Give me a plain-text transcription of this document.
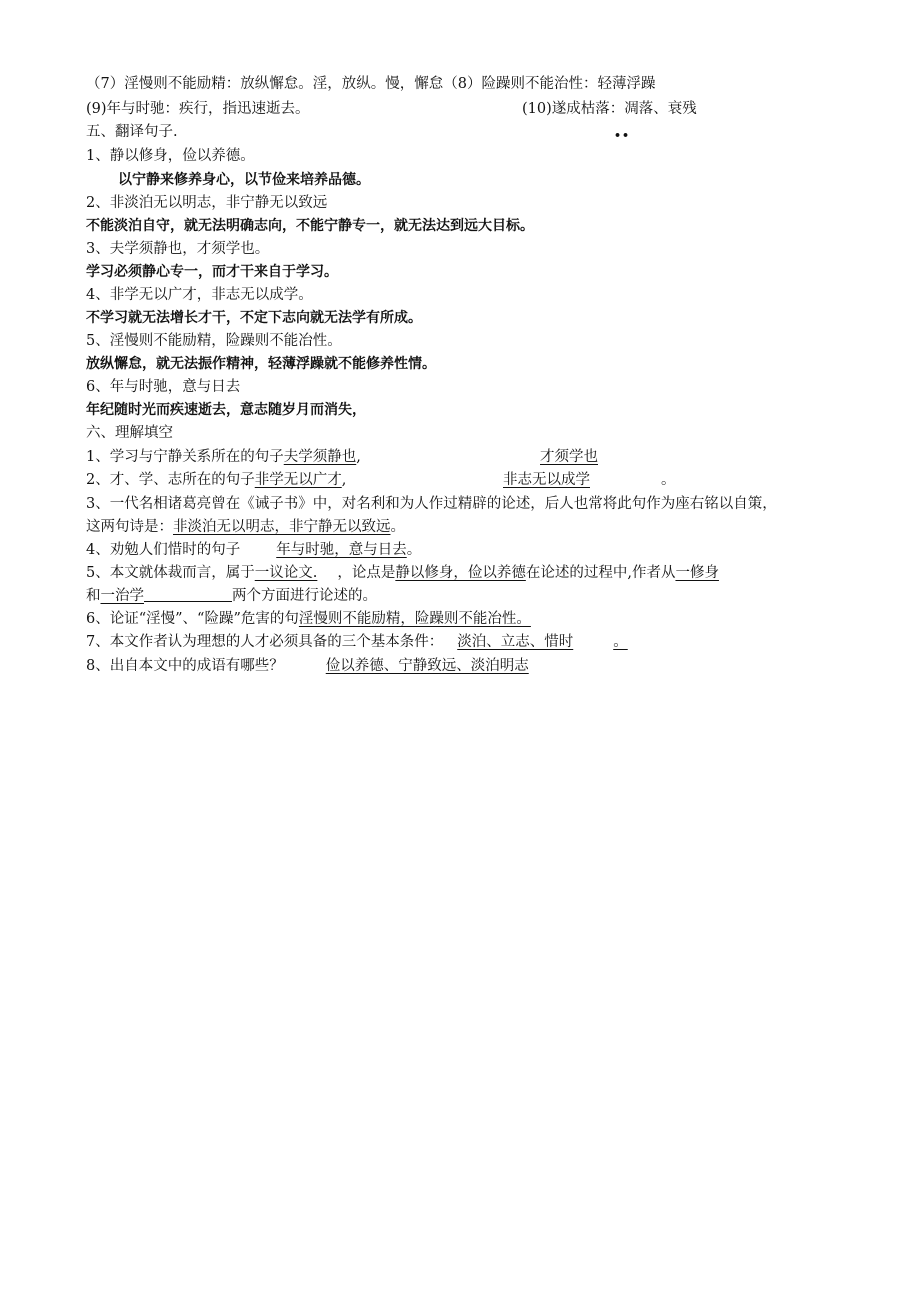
（7）淫慢则不能励精：放纵懈怠。淫，放纵。慢，懈怠（8）险躁则不能治性：轻薄浮躁
(9)年与时驰：疾行，指迅速逝去。	(10)遂成枯落：凋落、衰残
五、翻译句子.	••
1、静以修身，俭以养德。
以宁静来修养身心，以节俭来培养品德。
2、非淡泊无以明志，非宁静无以致远
不能淡泊自守，就无法明确志向，不能宁静专一，就无法达到远大目标。
3、夫学须静也，才须学也。
学习必须静心专一，而才干来自于学习。
4、非学无以广才，非志无以成学。
不学习就无法增长才干，不定下志向就无法学有所成。
5、淫慢则不能励精，险躁则不能冶性。
放纵懈怠，就无法振作精神，轻薄浮躁就不能修养性情。
6、年与时驰，意与日去
年纪随时光而疾速逝去，意志随岁月而消失，
六、理解填空
1、学习与宁静关系所在的句子夫学须静也,	才须学也
2、才、学、志所在的句子非学无以广才,	非志无以成学	。
3、一代名相诸葛亮曾在《诫子书》中，对名利和为人作过精辟的论述，后人也常将此句作为座右铭以自策，
这两句诗是：非淡泊无以明志，非宁静无以致远。
4、劝勉人们惜时的句子 年与时驰，意与日去。
5、本文就体裁而言，属于一议论文. ，论点是静以修身，俭以养德在论述的过程中,作者从一修身
和一治学	两个方面进行论述的。
6、论证“淫慢”、“险躁”危害的句淫慢则不能励精，险躁则不能冶性。
7、本文作者认为理想的人才必须具备的三个基本条件： 淡泊、立志、惜时	。
8、出自本文中的成语有哪些？	俭以养德、宁静致远、淡泊明志
